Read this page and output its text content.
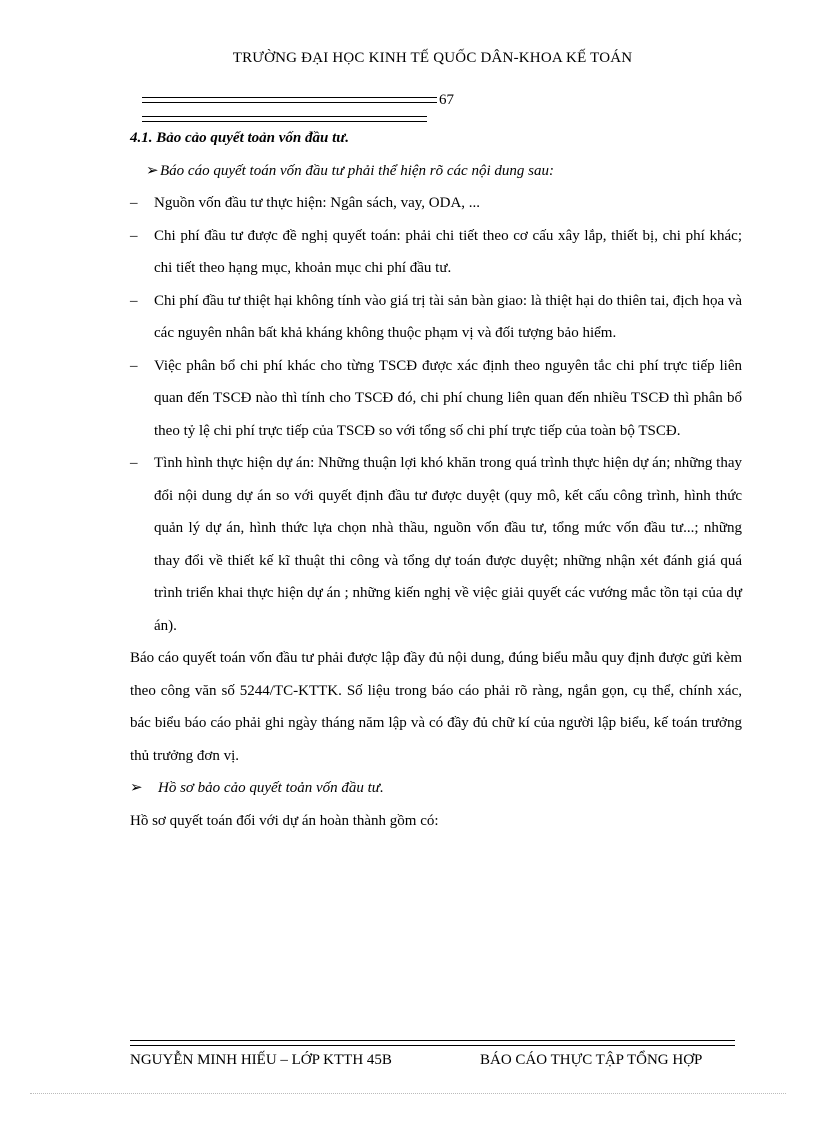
TRƯỜNG ĐẠI HỌC KINH TẾ QUỐC DÂN-KHOA KẾ TOÁN
67

4.1. Bảo cảo quyết toản vốn đầu tư.

➢Báo cáo quyết toán vốn đầu tư phải thể hiện rõ các nội dung sau:

– Nguồn vốn đầu tư thực hiện: Ngân sách, vay, ODA, ...
– Chi phí đầu tư được đề nghị quyết toán: phải chi tiết theo cơ cấu xây lắp, thiết bị, chi phí khác; chi tiết theo hạng mục, khoản mục chi phí đầu tư.
– Chi phí đầu tư thiệt hại không tính vào giá trị tài sản bàn giao: là thiệt hại do thiên tai, địch họa và các nguyên nhân bất khả kháng không thuộc phạm vị và đối tượng bảo hiểm.
– Việc phân bổ chi phí khác cho từng TSCĐ được xác định theo nguyên tắc chi phí trực tiếp liên quan đến TSCĐ nào thì tính cho TSCĐ đó, chi phí chung liên quan đến nhiều TSCĐ thì phân bổ theo tỷ lệ chi phí trực tiếp của TSCĐ so với tổng số chi phí trực tiếp của toàn bộ TSCĐ.
– Tình hình thực hiện dự án: Những thuận lợi khó khăn trong quá trình thực hiện dự án; những thay đổi nội dung dự án so với quyết định đầu tư được duyệt (quy mô, kết cấu công trình, hình thức quản lý dự án, hình thức lựa chọn nhà thầu, nguồn vốn đầu tư, tổng mức vốn đầu tư...; những thay đổi về thiết kế kĩ thuật thi công và tổng dự toán được duyệt; những nhận xét đánh giá quá trình triển khai thực hiện dự án ; những kiến nghị về việc giải quyết các vướng mắc tồn tại của dự án).

Báo cáo quyết toán vốn đầu tư phải được lập đầy đủ nội dung, đúng biểu mẫu quy định được gửi kèm theo công văn số 5244/TC-KTTK. Số liệu trong báo cáo phải rõ ràng, ngắn gọn, cụ thể, chính xác, bác biểu báo cáo phải ghi ngày tháng năm lập và có đầy đủ chữ kí của người lập biểu, kế toán trưởng thủ trưởng đơn vị.

➢ Hồ sơ bảo cảo quyết toản vốn đầu tư.

Hồ sơ quyết toán đối với dự án hoàn thành gồm có:

NGUYỄN MINH HIẾU – LỚP KTTH 45B	BÁO CÁO THỰC TẬP TỔNG HỢP
